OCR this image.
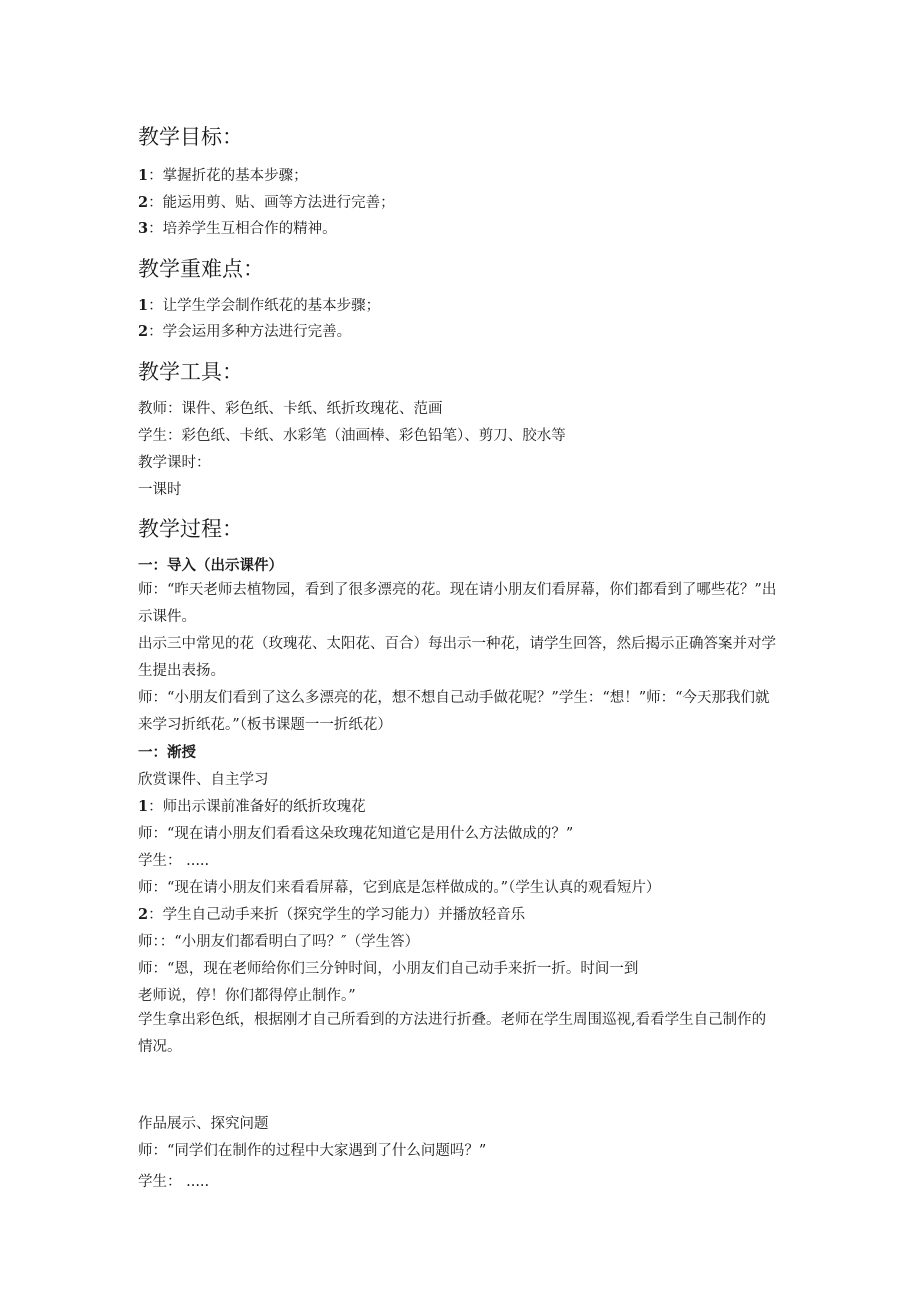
教学目标：
1：掌握折花的基本步骤；
2：能运用剪、贴、画等方法进行完善；
3：培养学生互相合作的精神。
教学重难点：
1：让学生学会制作纸花的基本步骤；
2：学会运用多种方法进行完善。
教学工具：
教师：课件、彩色纸、卡纸、纸折玫瑰花、范画
学生：彩色纸、卡纸、水彩笔（油画棒、彩色铅笔）、剪刀、胶水等
教学课时：
一课时
教学过程：
一：导入（出示课件）
师：“昨天老师去植物园，看到了很多漂亮的花。现在请小朋友们看屏幕，你们都看到了哪些花？”出示课件。
出示三中常见的花（玫瑰花、太阳花、百合）每出示一种花，请学生回答，然后揭示正确答案并对学生提出表扬。
师：“小朋友们看到了这么多漂亮的花，想不想自己动手做花呢？”学生：“想！”师：“今天那我们就来学习折纸花。”（板书课题一一折纸花）
一：渐授
欣赏课件、自主学习
1：师出示课前准备好的纸折玫瑰花
师：“现在请小朋友们看看这朵玫瑰花知道它是用什么方法做成的？”
学生： .....
师：“现在请小朋友们来看看屏幕，它到底是怎样做成的。”（学生认真的观看短片）
2：学生自己动手来折（探究学生的学习能力）并播放轻音乐
师：：“小朋友们都看明白了吗？″（学生答）
师：“恩，现在老师给你们三分钟时间，小朋友们自己动手来折一折。时间一到
老师说，停！你们都得停止制作。”
学生拿出彩色纸，根据刚才自己所看到的方法进行折叠。老师在学生周围巡视,看看学生自己制作的情况。
作品展示、探究问题
师：“同学们在制作的过程中大家遇到了什么问题吗？”
学生： .....
